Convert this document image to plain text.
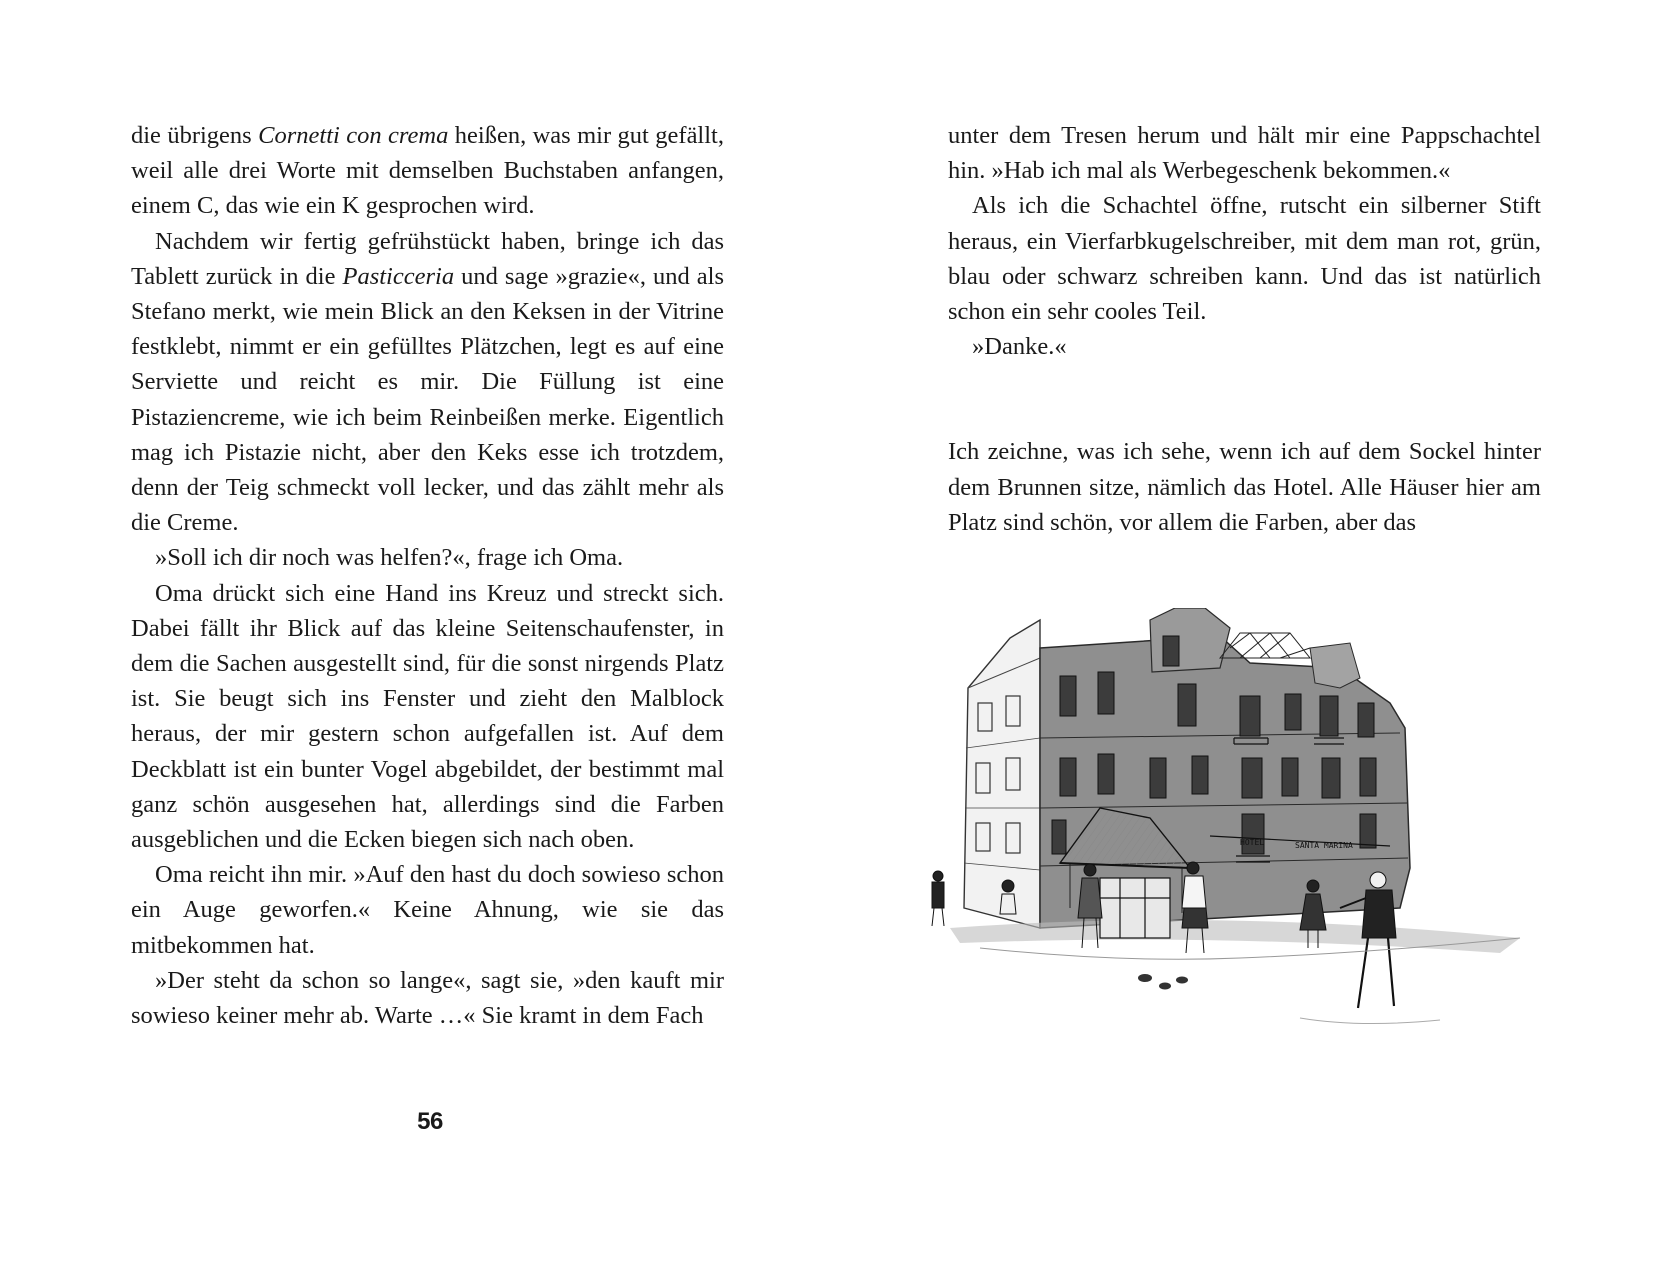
die übrigens Cornetti con crema heißen, was mir gut gefällt, weil alle drei Worte mit demselben Buchstaben anfangen, einem C, das wie ein K gesprochen wird.

Nachdem wir fertig gefrühstückt haben, bringe ich das Tablett zurück in die Pasticceria und sage »grazie«, und als Stefano merkt, wie mein Blick an den Keksen in der Vitrine festklebt, nimmt er ein gefülltes Plätzchen, legt es auf eine Serviette und reicht es mir. Die Füllung ist eine Pistaziencreme, wie ich beim Reinbeißen merke. Eigentlich mag ich Pistazie nicht, aber den Keks esse ich trotzdem, denn der Teig schmeckt voll lecker, und das zählt mehr als die Creme.

»Soll ich dir noch was helfen?«, frage ich Oma.

Oma drückt sich eine Hand ins Kreuz und streckt sich. Dabei fällt ihr Blick auf das kleine Seitenschaufenster, in dem die Sachen ausgestellt sind, für die sonst nirgends Platz ist. Sie beugt sich ins Fenster und zieht den Malblock heraus, der mir gestern schon aufgefallen ist. Auf dem Deckblatt ist ein bunter Vogel abgebildet, der bestimmt mal ganz schön ausgesehen hat, allerdings sind die Farben ausgeblichen und die Ecken biegen sich nach oben.

Oma reicht ihn mir. »Auf den hast du doch sowieso schon ein Auge geworfen.« Keine Ahnung, wie sie das mitbekommen hat.

»Der steht da schon so lange«, sagt sie, »den kauft mir sowieso keiner mehr ab. Warte …« Sie kramt in dem Fach

unter dem Tresen herum und hält mir eine Pappschachtel hin. »Hab ich mal als Werbegeschenk bekommen.«

Als ich die Schachtel öffne, rutscht ein silberner Stift heraus, ein Vierfarbkugelschreiber, mit dem man rot, grün, blau oder schwarz schreiben kann. Und das ist natürlich schon ein sehr cooles Teil.

»Danke.«

Ich zeichne, was ich sehe, wenn ich auf dem Sockel hinter dem Brunnen sitze, nämlich das Hotel. Alle Häuser hier am Platz sind schön, vor allem die Farben, aber das

56
HOTEL	SANTA MARINA
